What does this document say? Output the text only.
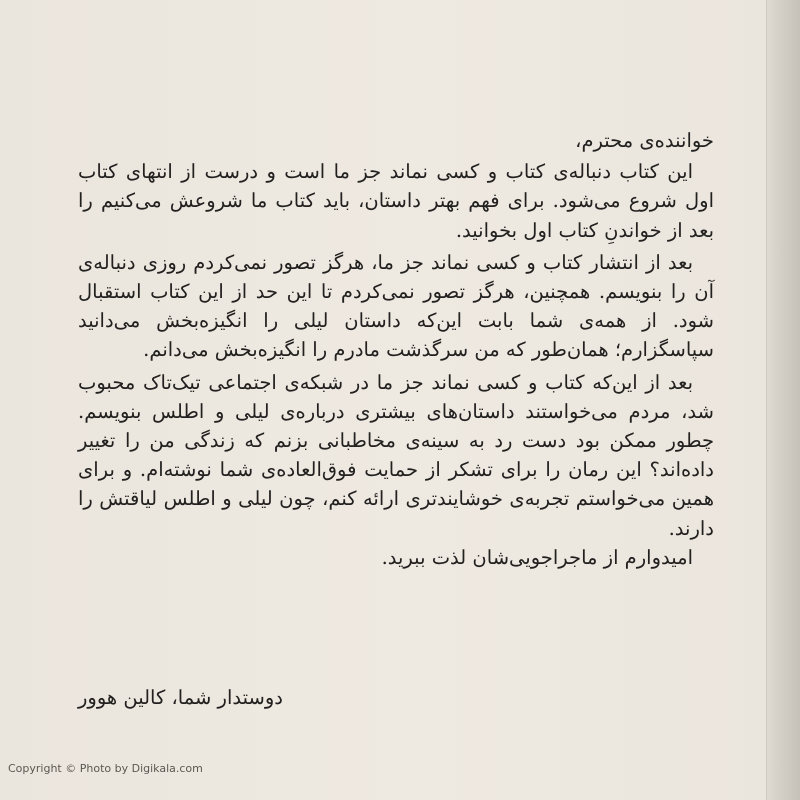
خواننده‌ی محترم،

این کتاب دنباله‌ی کتاب و کسی نماند جز ما است و درست از انتهای کتاب اول شروع می‌شود. برای فهم بهتر داستان، باید کتاب ما شروعش می‌کنیم را بعد از خواندنِ کتاب اول بخوانید.

بعد از انتشار کتاب و کسی نماند جز ما، هرگز تصور نمی‌کردم روزی دنباله‌ی آن را بنویسم. همچنین، هرگز تصور نمی‌کردم تا این حد از این کتاب استقبال شود. از همه‌ی شما بابت این‌که داستان لیلی را انگیزه‌بخش می‌دانید سپاسگزارم؛ همان‌طور که من سرگذشت مادرم را انگیزه‌بخش می‌دانم.

بعد از این‌که کتاب و کسی نماند جز ما در شبکه‌ی اجتماعی تیک‌تاک محبوب شد، مردم می‌خواستند داستان‌های بیشتری درباره‌ی لیلی و اطلس بنویسم. چطور ممکن بود دست رد به سینه‌ی مخاطبانی بزنم که زندگی من را تغییر داده‌اند؟ این رمان را برای تشکر از حمایت فوق‌العاده‌ی شما نوشته‌ام. و برای همین می‌خواستم تجربه‌ی خوشایندتری ارائه کنم، چون لیلی و اطلس لیاقتش را دارند.

امیدوارم از ماجراجویی‌شان لذت ببرید.

دوستدار شما، کالین هوور
Copyright © Photo by Digikala.com
